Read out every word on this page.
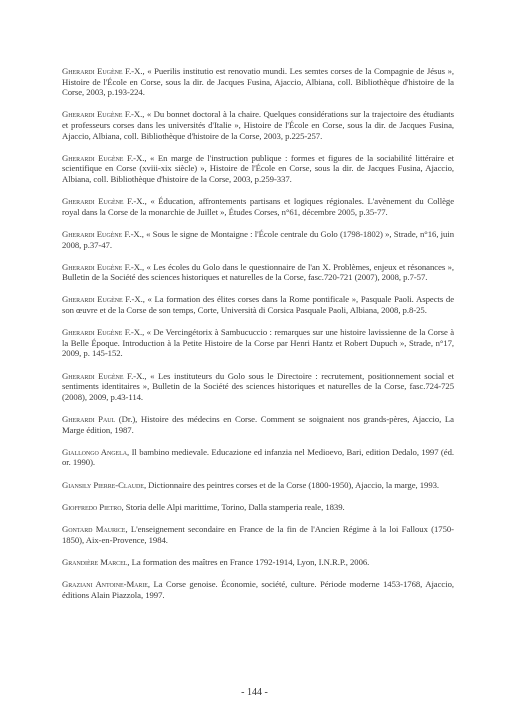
Gherardi Eugène F.-X., « Puerilis institutio est renovatio mundi. Les semtes corses de la Compagnie de Jésus », Histoire de l'École en Corse, sous la dir. de Jacques Fusina, Ajaccio, Albiana, coll. Bibliothèque d'histoire de la Corse, 2003, p.193-224.

Gherardi Eugène F.-X., « Du bonnet doctoral à la chaire. Quelques considérations sur la trajectoire des étudiants et professeurs corses dans les universités d'Italie », Histoire de l'École en Corse, sous la dir. de Jacques Fusina, Ajaccio, Albiana, coll. Bibliothèque d'histoire de la Corse, 2003, p.225-257.

Gherardi Eugène F.-X., « En marge de l'instruction publique : formes et figures de la sociabilité littéraire et scientifique en Corse (xviii-xix siècle) », Histoire de l'École en Corse, sous la dir. de Jacques Fusina, Ajaccio, Albiana, coll. Bibliothèque d'histoire de la Corse, 2003, p.259-337.

Gherardi Eugène F.-X., « Éducation, affrontements partisans et logiques régionales. L'avènement du Collège royal dans la Corse de la monarchie de Juillet », Études Corses, n°61, décembre 2005, p.35-77.

Gherardi Eugène F.-X., « Sous le signe de Montaigne : l'École centrale du Golo (1798-1802) », Strade, n°16, juin 2008, p.37-47.

Gherardi Eugène F.-X., « Les écoles du Golo dans le questionnaire de l'an X. Problèmes, enjeux et résonances », Bulletin de la Société des sciences historiques et naturelles de la Corse, fasc.720-721 (2007), 2008, p.7-57.

Gherardi Eugène F.-X., « La formation des élites corses dans la Rome pontificale », Pasquale Paoli. Aspects de son œuvre et de la Corse de son temps, Corte, Università di Corsica Pasquale Paoli, Albiana, 2008, p.8-25.

Gherardi Eugène F.-X., « De Vercingétorix à Sambucuccio : remarques sur une histoire lavissienne de la Corse à la Belle Époque. Introduction à la Petite Histoire de la Corse par Henri Hantz et Robert Dupuch », Strade, n°17, 2009, p. 145-152.

Gherardi Eugène F.-X., « Les instituteurs du Golo sous le Directoire : recrutement, positionnement social et sentiments identitaires », Bulletin de la Société des sciences historiques et naturelles de la Corse, fasc.724-725 (2008), 2009, p.43-114.

Gherardi Paul (Dr.), Histoire des médecins en Corse. Comment se soignaient nos grands-pères, Ajaccio, La Marge édition, 1987.

Giallongo Angela, Il bambino medievale. Educazione ed infanzia nel Medioevo, Bari, edition Dedalo, 1997 (éd. or. 1990).

Giansily Pierre-Claude, Dictionnaire des peintres corses et de la Corse (1800-1950), Ajaccio, la marge, 1993.

Gioffredo Pietro, Storia delle Alpi marittime, Torino, Dalla stamperia reale, 1839.

Gontard Maurice, L'enseignement secondaire en France de la fin de l'Ancien Régime à la loi Falloux (1750-1850), Aix-en-Provence, 1984.

Grandière Marcel, La formation des maîtres en France 1792-1914, Lyon, I.N.R.P., 2006.

Graziani Antoine-Marie, La Corse genoise. Économie, société, culture. Période moderne 1453-1768, Ajaccio, éditions Alain Piazzola, 1997.

- 144 -
